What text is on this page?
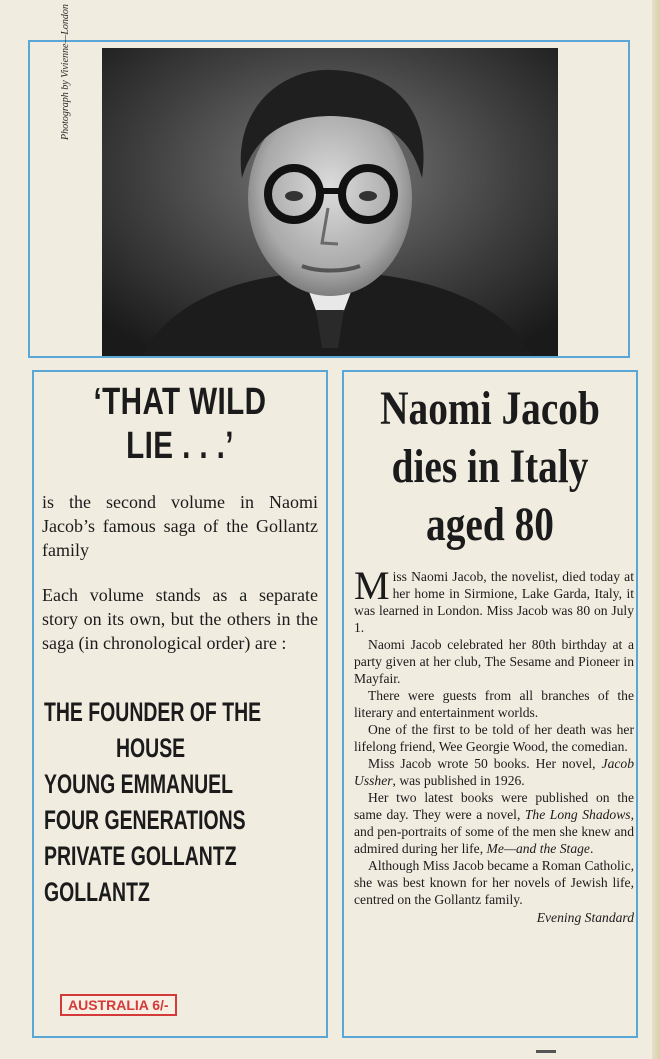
Photograph by Vivienne—London
‘THAT WILD
LIE . . .’
is the second volume in Naomi Jacob’s famous saga of the Gollantz family
Each volume stands as a separate story on its own, but the others in the saga (in chronological order) are :
THE FOUNDER OF THE
HOUSE
YOUNG EMMANUEL
FOUR GENERATIONS
PRIVATE GOLLANTZ
GOLLANTZ
AUSTRALIA 6/-
Naomi Jacob
dies in Italy
aged 80

Miss Naomi Jacob, the novelist, died today at her home in Sirmione, Lake Garda, Italy, it was learned in London. Miss Jacob was 80 on July 1.

Naomi Jacob celebrated her 80th birthday at a party given at her club, The Sesame and Pioneer in Mayfair.

There were guests from all branches of the literary and entertainment worlds.

One of the first to be told of her death was her lifelong friend, Wee Georgie Wood, the comedian.

Miss Jacob wrote 50 books. Her novel, Jacob Ussher, was published in 1926.

Her two latest books were published on the same day. They were a novel, The Long Shadows, and pen-portraits of some of the men she knew and admired during her life, Me—and the Stage.

Although Miss Jacob became a Roman Catholic, she was best known for her novels of Jewish life, centred on the Gollantz family.

Evening Standard
